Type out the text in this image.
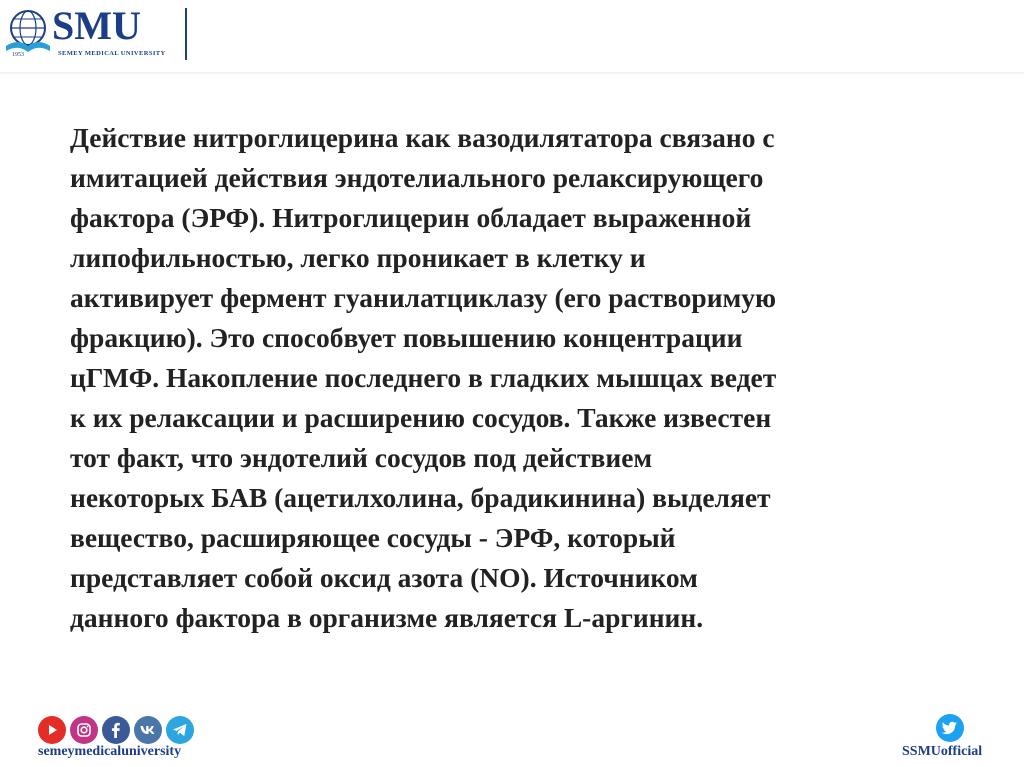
SMU
1953	SEMEY MEDICAL UNIVERSITY
Действие нитроглицерина как вазодилятатора связано с
имитацией действия эндотелиального релаксирующего
фактора (ЭРФ). Нитроглицерин обладает выраженной
липофильностью, легко проникает в клетку и
активирует фермент гуанилатциклазу (его растворимую
фракцию). Это способвует повышению концентрации
цГМФ. Накопление последнего в гладких мышцах ведет
к их релаксации и расширению сосудов. Также известен
тот факт, что эндотелий сосудов под действием
некоторых БАВ (ацетилхолина, брадикинина) выделяет
вещество, расширяющее сосуды - ЭРФ, который
представляет собой оксид азота (NO). Источником
данного фактора в организме является L-аргинин.
semeymedicaluniversity	SSMUofficial
